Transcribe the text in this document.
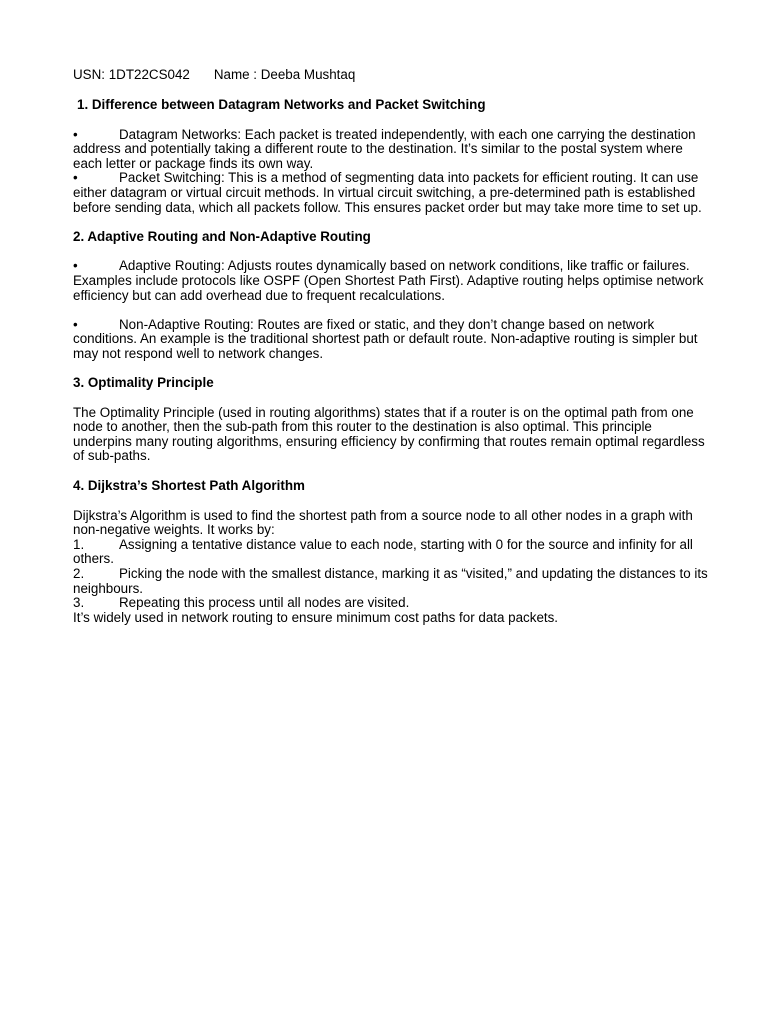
USN: 1DT22CS042 Name : Deeba Mushtaq
1. Difference between Datagram Networks and Packet Switching
•	Datagram Networks: Each packet is treated independently, with each one carrying the destination address and potentially taking a different route to the destination. It’s similar to the postal system where each letter or package finds its own way.
•	Packet Switching: This is a method of segmenting data into packets for efficient routing. It can use either datagram or virtual circuit methods. In virtual circuit switching, a pre-determined path is established before sending data, which all packets follow. This ensures packet order but may take more time to set up.
2. Adaptive Routing and Non-Adaptive Routing
•	Adaptive Routing: Adjusts routes dynamically based on network conditions, like traffic or failures. Examples include protocols like OSPF (Open Shortest Path First). Adaptive routing helps optimise network efficiency but can add overhead due to frequent recalculations.
•	Non-Adaptive Routing: Routes are fixed or static, and they don’t change based on network conditions. An example is the traditional shortest path or default route. Non-adaptive routing is simpler but may not respond well to network changes.
3. Optimality Principle
The Optimality Principle (used in routing algorithms) states that if a router is on the optimal path from one node to another, then the sub-path from this router to the destination is also optimal. This principle underpins many routing algorithms, ensuring efficiency by confirming that routes remain optimal regardless of sub-paths.
4. Dijkstra’s Shortest Path Algorithm
Dijkstra’s Algorithm is used to find the shortest path from a source node to all other nodes in a graph with non-negative weights. It works by:
1.	Assigning a tentative distance value to each node, starting with 0 for the source and infinity for all others.
2.	Picking the node with the smallest distance, marking it as “visited,” and updating the distances to its neighbours.
3.	Repeating this process until all nodes are visited.
It’s widely used in network routing to ensure minimum cost paths for data packets.
